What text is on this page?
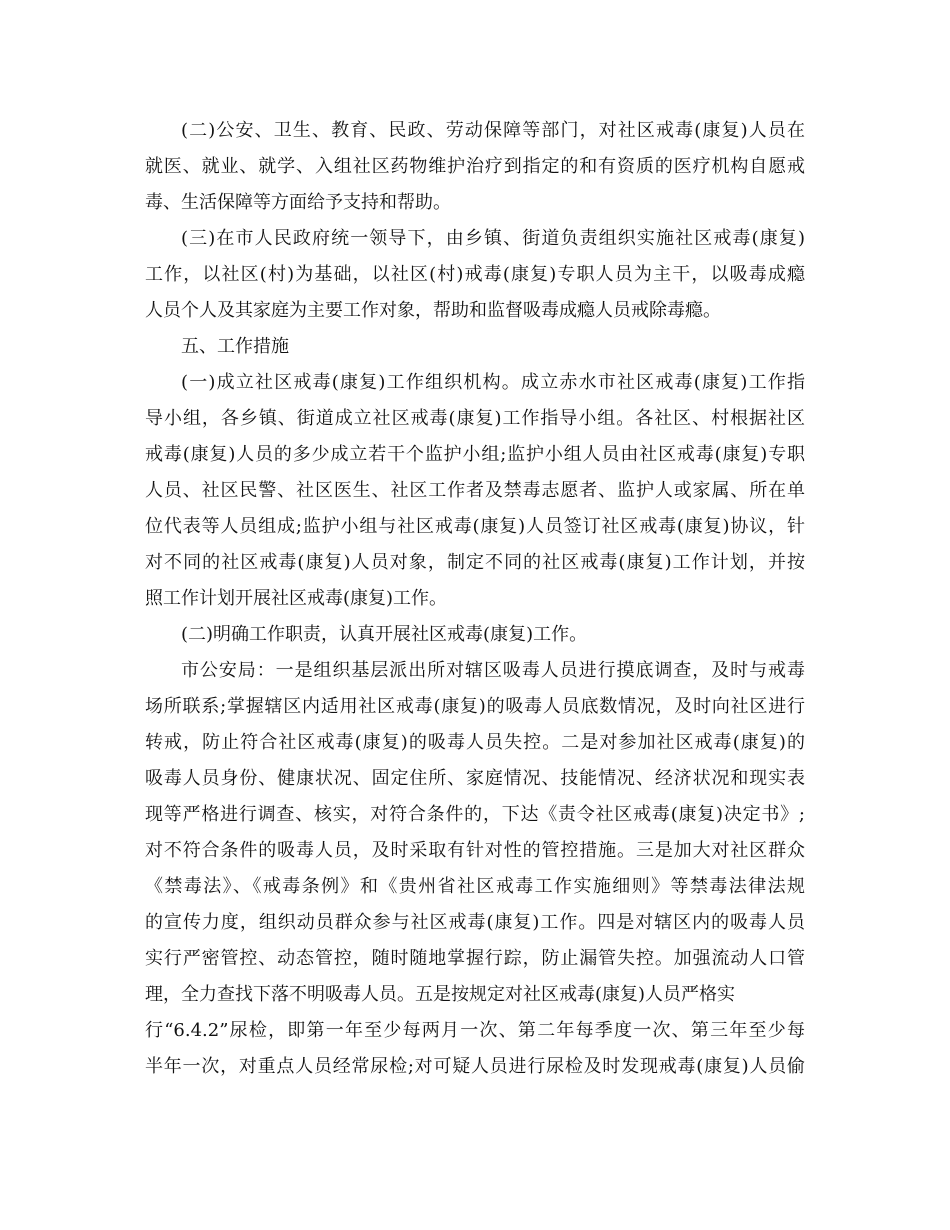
(二)公安、卫生、教育、民政、劳动保障等部门，对社区戒毒(康复)人员在
就医、就业、就学、入组社区药物维护治疗到指定的和有资质的医疗机构自愿戒
毒、生活保障等方面给予支持和帮助。
(三)在市人民政府统一领导下，由乡镇、街道负责组织实施社区戒毒(康复)
工作，以社区(村)为基础，以社区(村)戒毒(康复)专职人员为主干，以吸毒成瘾
人员个人及其家庭为主要工作对象，帮助和监督吸毒成瘾人员戒除毒瘾。
五、工作措施
(一)成立社区戒毒(康复)工作组织机构。成立赤水市社区戒毒(康复)工作指
导小组，各乡镇、街道成立社区戒毒(康复)工作指导小组。各社区、村根据社区
戒毒(康复)人员的多少成立若干个监护小组;监护小组人员由社区戒毒(康复)专职
人员、社区民警、社区医生、社区工作者及禁毒志愿者、监护人或家属、所在单
位代表等人员组成;监护小组与社区戒毒(康复)人员签订社区戒毒(康复)协议，针
对不同的社区戒毒(康复)人员对象，制定不同的社区戒毒(康复)工作计划，并按
照工作计划开展社区戒毒(康复)工作。
(二)明确工作职责，认真开展社区戒毒(康复)工作。
市公安局：一是组织基层派出所对辖区吸毒人员进行摸底调查，及时与戒毒
场所联系;掌握辖区内适用社区戒毒(康复)的吸毒人员底数情况，及时向社区进行
转戒，防止符合社区戒毒(康复)的吸毒人员失控。二是对参加社区戒毒(康复)的
吸毒人员身份、健康状况、固定住所、家庭情况、技能情况、经济状况和现实表
现等严格进行调查、核实，对符合条件的，下达《责令社区戒毒(康复)决定书》;
对不符合条件的吸毒人员，及时采取有针对性的管控措施。三是加大对社区群众
《禁毒法》、《戒毒条例》和《贵州省社区戒毒工作实施细则》等禁毒法律法规
的宣传力度，组织动员群众参与社区戒毒(康复)工作。四是对辖区内的吸毒人员
实行严密管控、动态管控，随时随地掌握行踪，防止漏管失控。加强流动人口管
理，全力查找下落不明吸毒人员。五是按规定对社区戒毒(康复)人员严格实
行“6.4.2”尿检，即第一年至少每两月一次、第二年每季度一次、第三年至少每
半年一次，对重点人员经常尿检;对可疑人员进行尿检及时发现戒毒(康复)人员偷
